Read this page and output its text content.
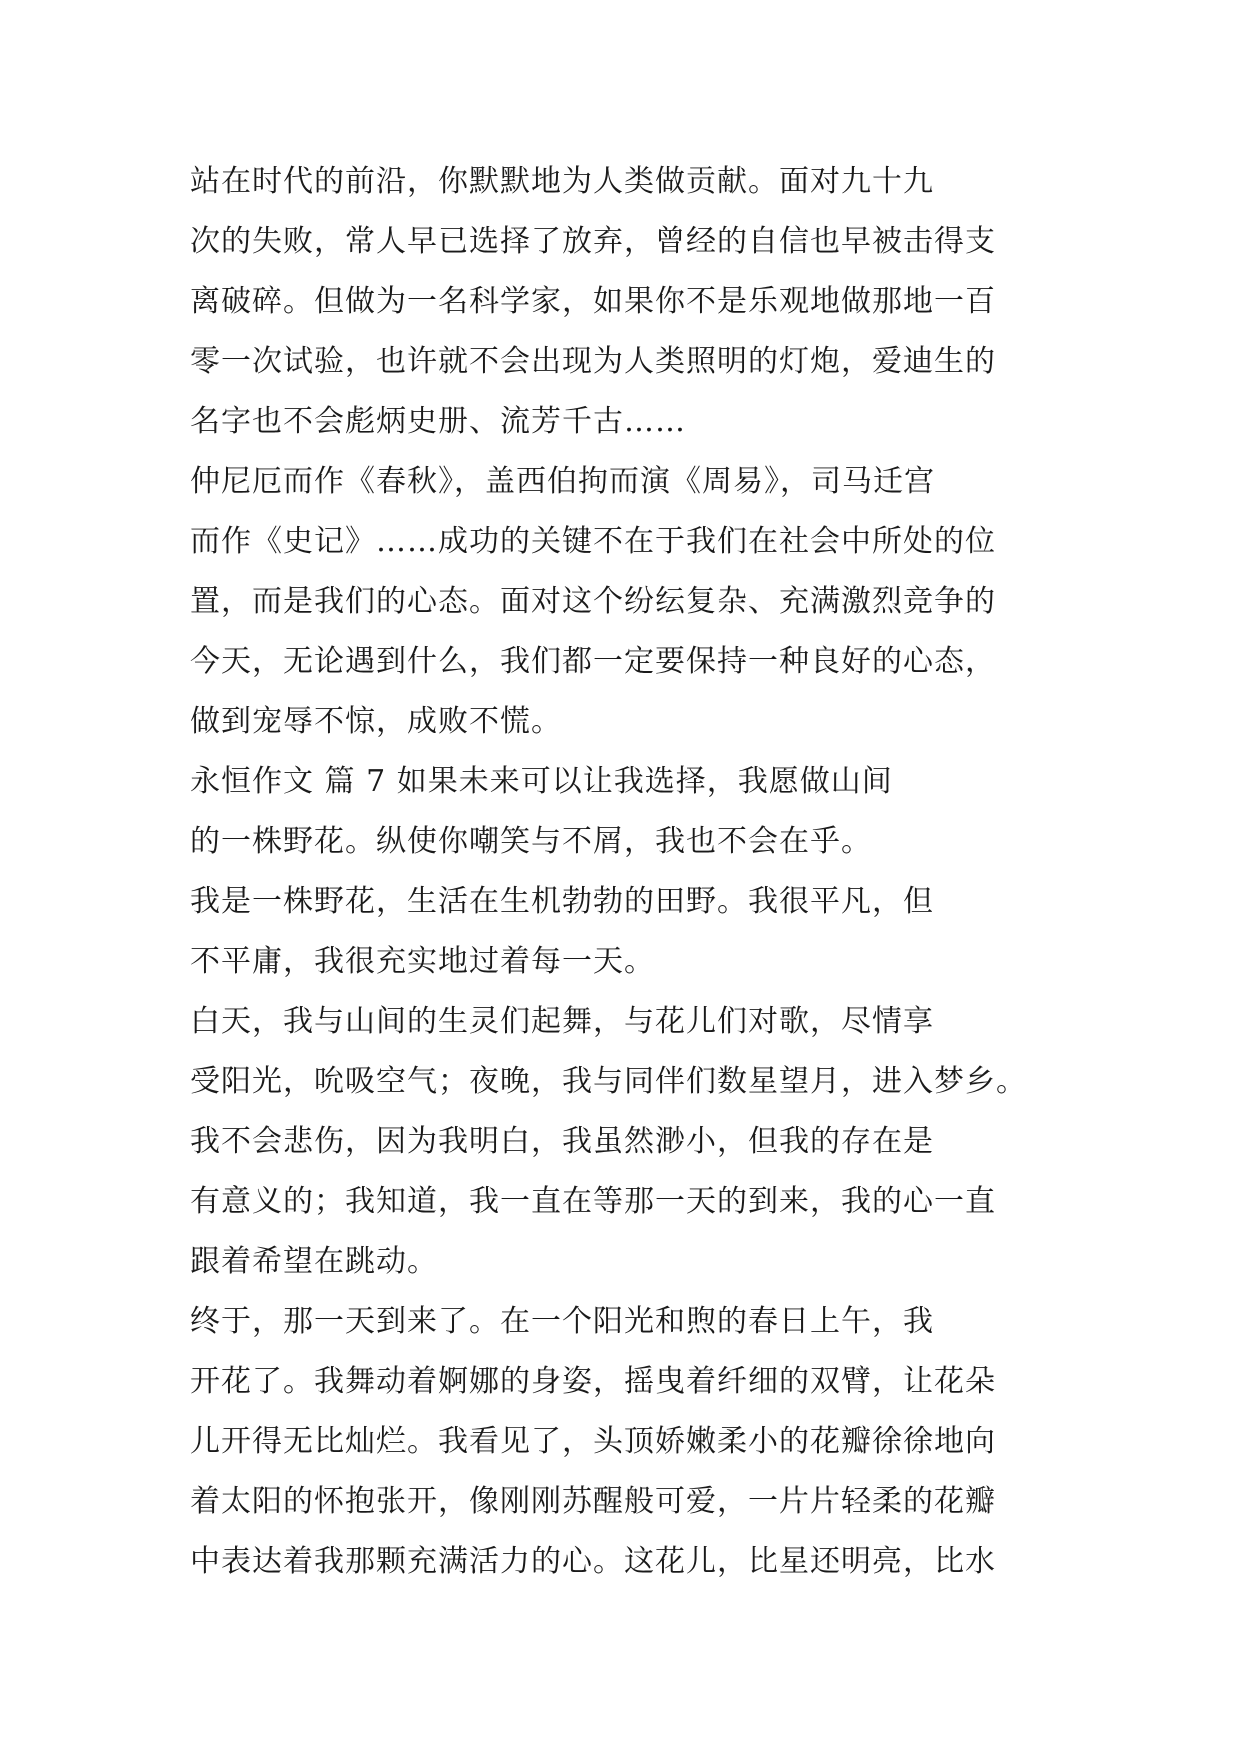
站在时代的前沿，你默默地为人类做贡献。面对九十九
次的失败，常人早已选择了放弃，曾经的自信也早被击得支
离破碎。但做为一名科学家，如果你不是乐观地做那地一百
零一次试验，也许就不会出现为人类照明的灯炮，爱迪生的
名字也不会彪炳史册、流芳千古……
仲尼厄而作《春秋》，盖西伯拘而演《周易》，司马迁宫
而作《史记》……成功的关键不在于我们在社会中所处的位
置，而是我们的心态。面对这个纷纭复杂、充满激烈竞争的
今天，无论遇到什么，我们都一定要保持一种良好的心态，
做到宠辱不惊，成败不慌。
永恒作文 篇 7 如果未来可以让我选择，我愿做山间
的一株野花。纵使你嘲笑与不屑，我也不会在乎。
我是一株野花，生活在生机勃勃的田野。我很平凡，但
不平庸，我很充实地过着每一天。
白天，我与山间的生灵们起舞，与花儿们对歌，尽情享
受阳光，吮吸空气；夜晚，我与同伴们数星望月，进入梦乡。
我不会悲伤，因为我明白，我虽然渺小，但我的存在是
有意义的；我知道，我一直在等那一天的到来，我的心一直
跟着希望在跳动。
终于，那一天到来了。在一个阳光和煦的春日上午，我
开花了。我舞动着婀娜的身姿，摇曳着纤细的双臂，让花朵
儿开得无比灿烂。我看见了，头顶娇嫩柔小的花瓣徐徐地向
着太阳的怀抱张开，像刚刚苏醒般可爱，一片片轻柔的花瓣
中表达着我那颗充满活力的心。这花儿，比星还明亮，比水
